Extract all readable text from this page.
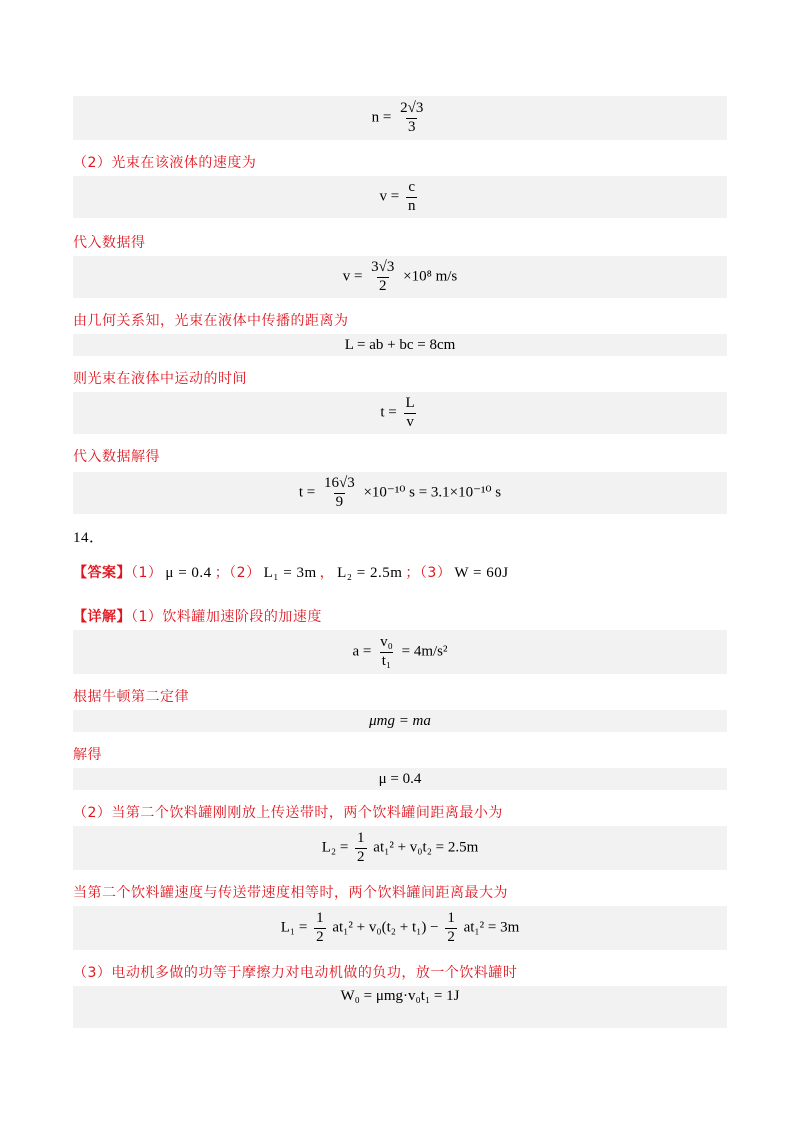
$n = \frac{2√3}{3}$
（2）光束在该液体的速度为
$v = \frac{c}{n}$
代入数据得
$v = \frac{3√3}{2} \times 10^8$ m/s
由几何关系知，光束在液体中传播的距离为
L = ab + bc = 8cm
则光束在液体中运动的时间
$t = \frac{L}{v}$
代入数据解得
$t = \frac{16√3}{9} \times 10^{-10}$ s = 3.1×10⁻¹⁰ s
14．
【答案】（1） μ = 0.4 ；（2） L₁ = 3m ， L₂ = 2.5m ；（3） W = 60J
【详解】（1）饮料罐加速阶段的加速度
$a = \frac{\text{v₀}}{\text{t₁}} = 4m/s^2$
根据牛顿第二定律
μmg = ma
解得
μ = 0.4
（2）当第二个饮料罐刚刚放上传送带时，两个饮料罐间距离最小为
$L_2 = \frac{1}{2} at_1^2 + v_0t_2 = 2.5m$
当第二个饮料罐速度与传送带速度相等时，两个饮料罐间距离最大为
$L_1 = \frac{1}{2} at_1^2 + v_0(t_2 + t_1) - \frac{1}{2} at_1^2 = 3m$
（3）电动机多做的功等于摩擦力对电动机做的负功，放一个饮料罐时
W₀ = μmg·v₀t₁ = 1J
